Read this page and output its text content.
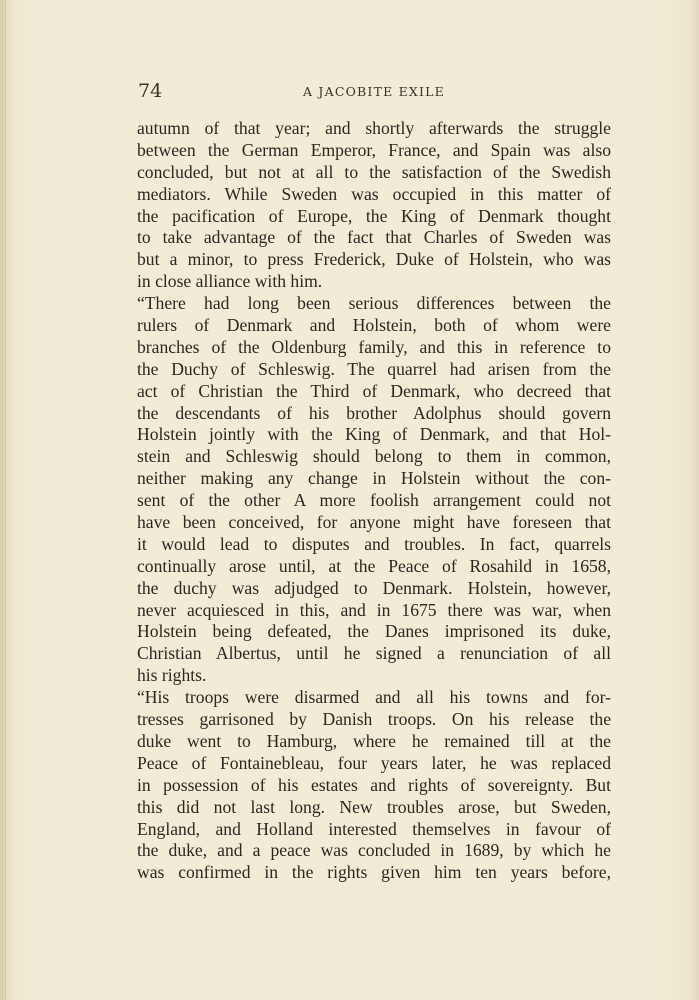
74	A JACOBITE EXILE
autumn of that year; and shortly afterwards the struggle
between the German Emperor, France, and Spain was also
concluded, but not at all to the satisfaction of the Swedish
mediators. While Sweden was occupied in this matter of
the pacification of Europe, the King of Denmark thought
to take advantage of the fact that Charles of Sweden was
but a minor, to press Frederick, Duke of Holstein, who was
in close alliance with him.
“There had long been serious differences between the
rulers of Denmark and Holstein, both of whom were
branches of the Oldenburg family, and this in reference to
the Duchy of Schleswig. The quarrel had arisen from the
act of Christian the Third of Denmark, who decreed that
the descendants of his brother Adolphus should govern
Holstein jointly with the King of Denmark, and that Hol-
stein and Schleswig should belong to them in common,
neither making any change in Holstein without the con-
sent of the other A more foolish arrangement could not
have been conceived, for anyone might have foreseen that
it would lead to disputes and troubles. In fact, quarrels
continually arose until, at the Peace of Rosahild in 1658,
the duchy was adjudged to Denmark. Holstein, however,
never acquiesced in this, and in 1675 there was war, when
Holstein being defeated, the Danes imprisoned its duke,
Christian Albertus, until he signed a renunciation of all
his rights.
“His troops were disarmed and all his towns and for-
tresses garrisoned by Danish troops. On his release the
duke went to Hamburg, where he remained till at the
Peace of Fontainebleau, four years later, he was replaced
in possession of his estates and rights of sovereignty. But
this did not last long. New troubles arose, but Sweden,
England, and Holland interested themselves in favour of
the duke, and a peace was concluded in 1689, by which he
was confirmed in the rights given him ten years before,
